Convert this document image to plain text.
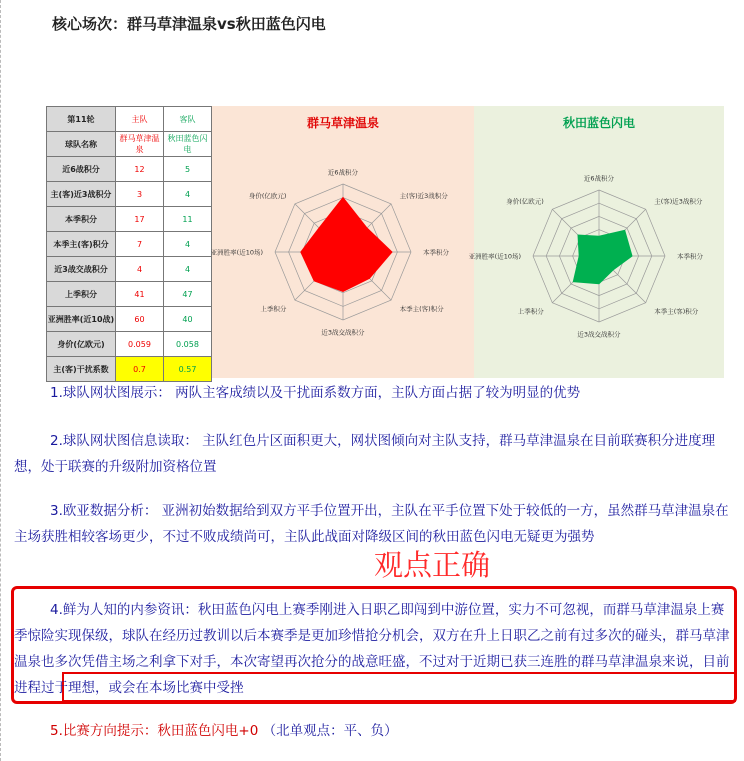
核心场次：群马草津温泉vs秋田蓝色闪电
第11轮	主队	客队
球队名称	群马草津温泉	秋田蓝色闪电
近6战积分	12	5
主(客)近3战积分	3	4
本季积分	17	11
本季主(客)积分	7	4
近3战交战积分	4	4
上季积分	41	47
亚洲胜率(近10战)	60	40
身价(亿欧元)	0.059	0.058
主(客)干扰系数	0.7	0.57
群马草津温泉
近6战积分
主(客)近3战积分
本季积分
本季主(客)积分
近3战交战积分
上季积分
亚洲胜率(近10场)
身价(亿欧元)
秋田蓝色闪电
近6战积分
主(客)近3战积分
本季积分
本季主(客)积分
近3战交战积分
上季积分
亚洲胜率(近10场)
身价(亿欧元)
1.球队网状图展示： 两队主客成绩以及干扰面系数方面，主队方面占据了较为明显的优势
2.球队网状图信息读取： 主队红色片区面积更大，网状图倾向对主队支持，群马草津温泉在目前联赛积分进度理想，处于联赛的升级附加资格位置
3.欧亚数据分析： 亚洲初始数据给到双方平手位置开出，主队在平手位置下处于较低的一方，虽然群马草津温泉在主场获胜相较客场更少，不过不败成绩尚可，主队此战面对降级区间的秋田蓝色闪电无疑更为强势
观点正确
4.鲜为人知的内参资讯：秋田蓝色闪电上赛季刚进入日职乙即闯到中游位置，实力不可忽视，而群马草津温泉上赛季惊险实现保级，球队在经历过教训以后本赛季是更加珍惜抢分机会，双方在升上日职乙之前有过多次的碰头，群马草津温泉也多次凭借主场之利拿下对手，本次寄望再次抢分的战意旺盛，不过对于近期已获三连胜的群马草津温泉来说，目前进程过于理想，或会在本场比赛中受挫
5.比赛方向提示：秋田蓝色闪电+0 （北单观点：平、负）
